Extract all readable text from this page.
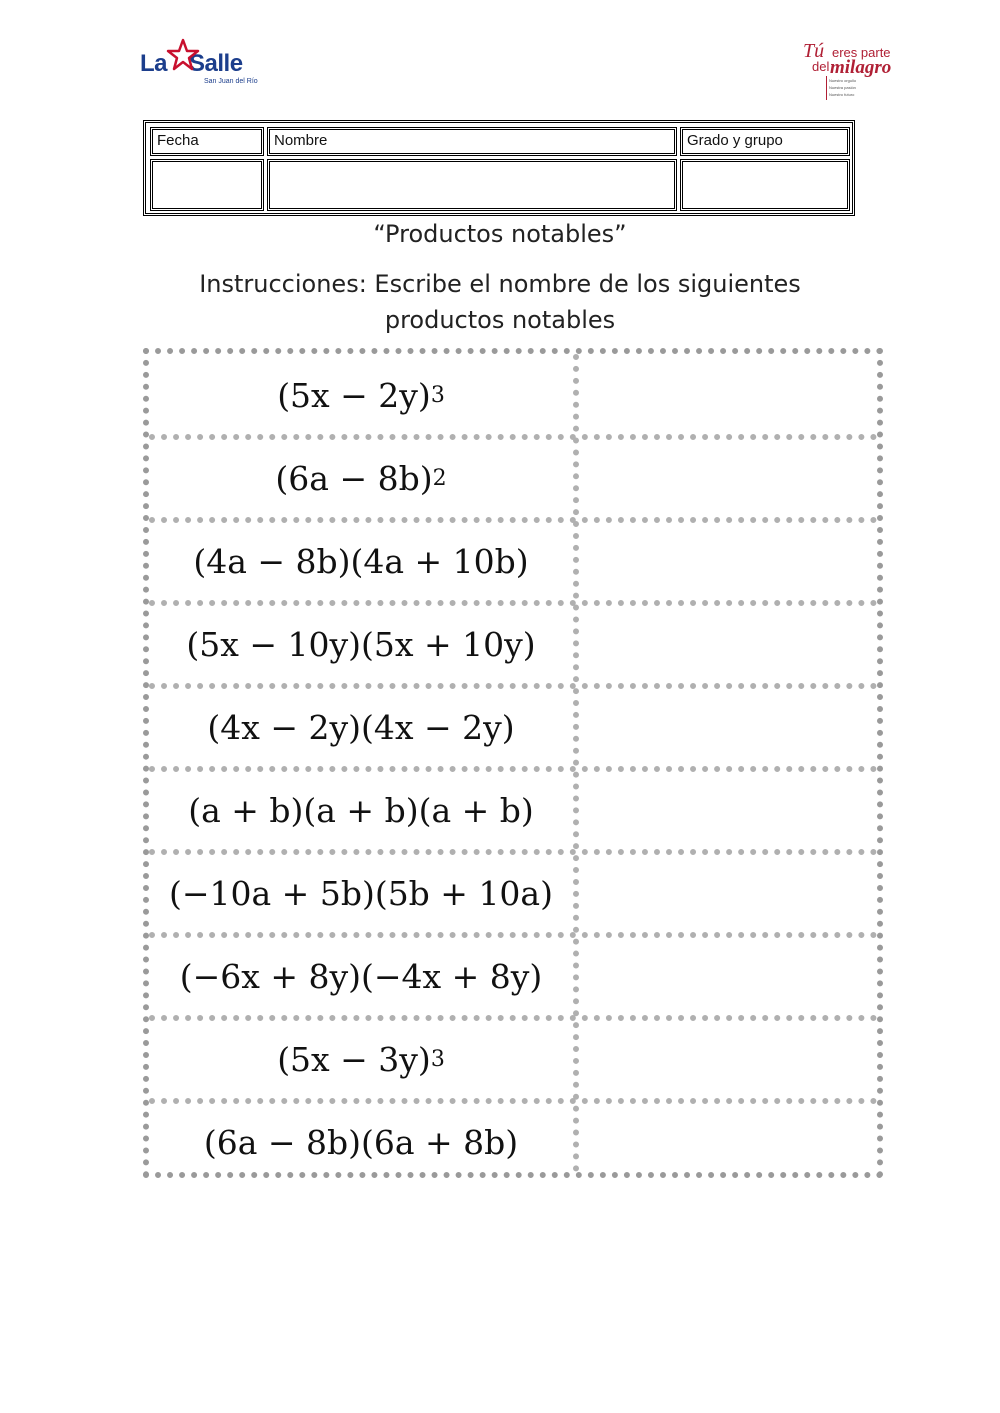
La Salle
San Juan del Río
Tú eres parte
del milagro
Nuestro orgullo
Nuestra pasión
Nuestro futuro
Fecha	Nombre	Grado y grupo
“Productos notables”
Instrucciones: Escribe el nombre de los siguientes productos notables
(5x − 2y) 3
(6a − 8b) 2
(4a − 8b)(4a + 10b)
(5x − 10y)(5x + 10y)
(4x − 2y)(4x − 2y)
(a + b)(a + b)(a + b)
(−10a + 5b)(5b + 10a)
(−6x + 8y)(−4x + 8y)
(5x − 3y) 3
(6a − 8b)(6a + 8b)
